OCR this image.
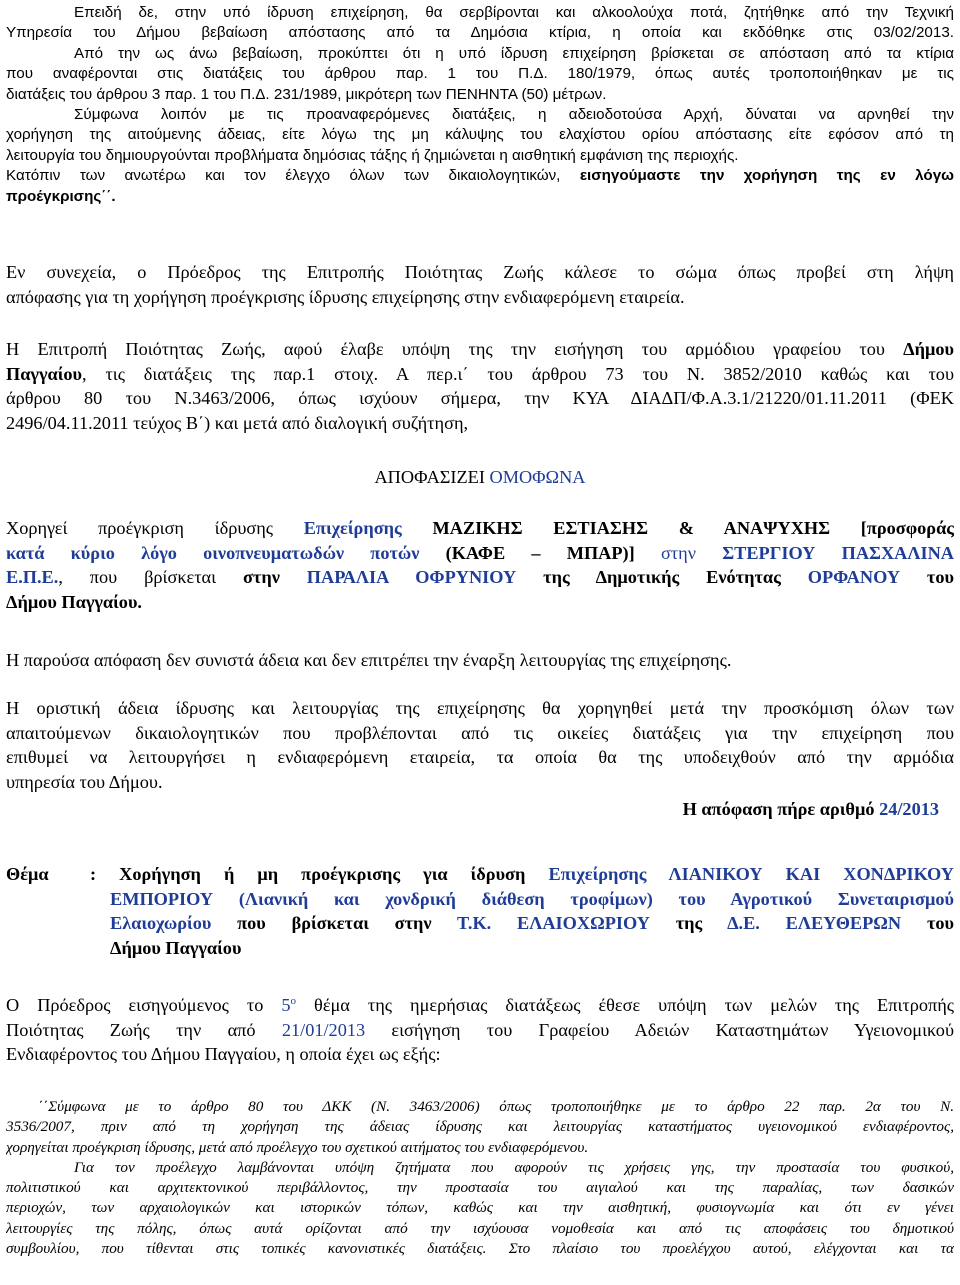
Επειδή δε, στην υπό ίδρυση επιχείρηση, θα σερβίρονται και αλκοολούχα ποτά, ζητήθηκε από την Τεχνική
Υπηρεσία του Δήμου βεβαίωση απόστασης από τα Δημόσια κτίρια, η οποία και εκδόθηκε στις 03/02/2013.
Από την ως άνω βεβαίωση, προκύπτει ότι η υπό ίδρυση επιχείρηση βρίσκεται σε απόσταση από τα κτίρια
που αναφέρονται στις διατάξεις του άρθρου παρ. 1 του Π.Δ. 180/1979, όπως αυτές τροποποιήθηκαν με τις
διατάξεις του άρθρου 3 παρ. 1 του Π.Δ. 231/1989, μικρότερη των ΠΕΝΗΝΤΑ (50) μέτρων.
Σύμφωνα λοιπόν με τις προαναφερόμενες διατάξεις, η αδειοδοτούσα Αρχή, δύναται να αρνηθεί την
χορήγηση της αιτούμενης άδειας, είτε λόγω της μη κάλυψης του ελαχίστου ορίου απόστασης είτε εφόσον από τη
λειτουργία του δημιουργούνται προβλήματα δημόσιας τάξης ή ζημιώνεται η αισθητική εμφάνιση της περιοχής.
Κατόπιν των ανωτέρω και τον έλεγχο όλων των δικαιολογητικών, εισηγούμαστε την χορήγηση της εν λόγω
προέγκρισης΄΄.
Εν συνεχεία, ο Πρόεδρος της Επιτροπής Ποιότητας Ζωής κάλεσε το σώμα όπως προβεί στη λήψη
απόφασης για τη χορήγηση προέγκρισης ίδρυσης επιχείρησης στην ενδιαφερόμενη εταιρεία.
Η Επιτροπή Ποιότητας Ζωής, αφού έλαβε υπόψη της την εισήγηση του αρμόδιου γραφείου του Δήμου
Παγγαίου, τις διατάξεις της παρ.1 στοιχ. Α περ.ι΄ του άρθρου 73 του Ν. 3852/2010 καθώς και του
άρθρου 80 του Ν.3463/2006, όπως ισχύουν σήμερα, την ΚΥΑ ΔΙΑΔΠ/Φ.Α.3.1/21220/01.11.2011 (ΦΕΚ
2496/04.11.2011 τεύχος Β΄) και μετά από διαλογική συζήτηση,
ΑΠΟΦΑΣΙΖΕΙ ΟΜΟΦΩΝΑ
Χορηγεί προέγκριση ίδρυσης Επιχείρησης ΜΑΖΙΚΗΣ ΕΣΤΙΑΣΗΣ & ΑΝΑΨΥΧΗΣ [προσφοράς
κατά κύριο λόγο οινοπνευματωδών ποτών (ΚΑΦΕ – ΜΠΑΡ)] στην ΣΤΕΡΓΙΟΥ ΠΑΣΧΑΛΙΝΑ
Ε.Π.Ε., που βρίσκεται στην ΠΑΡΑΛΙΑ ΟΦΡΥΝΙΟΥ της Δημοτικής Ενότητας ΟΡΦΑΝΟΥ του
Δήμου Παγγαίου.
Η παρούσα απόφαση δεν συνιστά άδεια και δεν επιτρέπει την έναρξη λειτουργίας της επιχείρησης.
Η οριστική άδεια ίδρυσης και λειτουργίας της επιχείρησης θα χορηγηθεί μετά την προσκόμιση όλων των
απαιτούμενων δικαιολογητικών που προβλέπονται από τις οικείες διατάξεις για την επιχείρηση που
επιθυμεί να λειτουργήσει η ενδιαφερόμενη εταιρεία, τα οποία θα της υποδειχθούν από την αρμόδια
υπηρεσία του Δήμου.
Η απόφαση πήρε αριθμό 24/2013
Θέμα : Χορήγηση ή μη προέγκρισης για ίδρυση Επιχείρησης ΛΙΑΝΙΚΟΥ ΚΑΙ ΧΟΝΔΡΙΚΟΥ
ΕΜΠΟΡΙΟΥ (Λιανική και χονδρική διάθεση τροφίμων) του Αγροτικού Συνεταιρισμού
Ελαιοχωρίου που βρίσκεται στην Τ.Κ. ΕΛΑΙΟΧΩΡΙΟΥ της Δ.Ε. ΕΛΕΥΘΕΡΩΝ του
Δήμου Παγγαίου
Ο Πρόεδρος εισηγούμενος το $5^o$ θέμα της ημερήσιας διατάξεως έθεσε υπόψη των μελών της Επιτροπής
Ποιότητας Ζωής την από 21/01/2013 εισήγηση του Γραφείου Αδειών Καταστημάτων Υγειονομικού
Ενδιαφέροντος του Δήμου Παγγαίου, η οποία έχει ως εξής:
΄΄Σύμφωνα με το άρθρο 80 του ΔΚΚ (Ν. 3463/2006) όπως τροποποιήθηκε με το άρθρο 22 παρ. 2α του Ν.
3536/2007, πριν από τη χορήγηση της άδειας ίδρυσης και λειτουργίας καταστήματος υγειονομικού ενδιαφέροντος,
χορηγείται προέγκριση ίδρυσης, μετά από προέλεγχο του σχετικού αιτήματος του ενδιαφερόμενου.
Για τον προέλεγχο λαμβάνονται υπόψη ζητήματα που αφορούν τις χρήσεις γης, την προστασία του φυσικού,
πολιτιστικού και αρχιτεκτονικού περιβάλλοντος, την προστασία του αιγιαλού και της παραλίας, των δασικών
περιοχών, των αρχαιολογικών και ιστορικών τόπων, καθώς και την αισθητική, φυσιογνωμία και ότι εν γένει
λειτουργίες της πόλης, όπως αυτά ορίζονται από την ισχύουσα νομοθεσία και από τις αποφάσεις του δημοτικού
συμβουλίου, που τίθενται στις τοπικές κανονιστικές διατάξεις. Στο πλαίσιο του προελέγχου αυτού, ελέγχονται και τα
